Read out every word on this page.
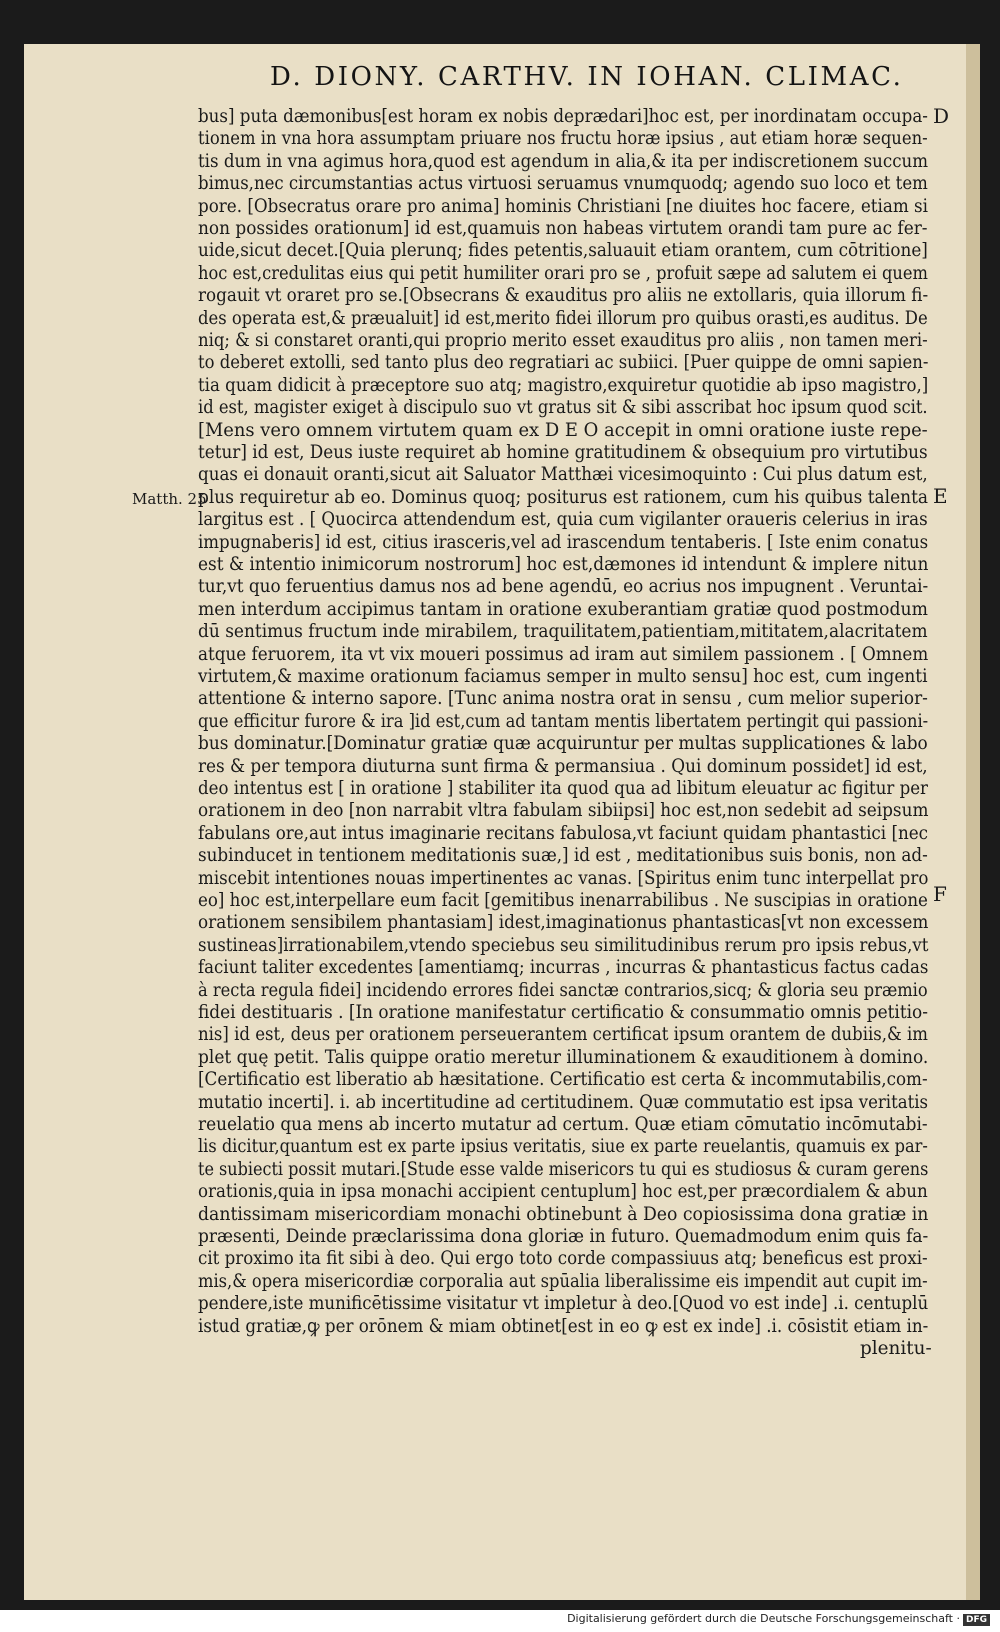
D. DIONY. CARTHV. IN IOHAN. CLIMAC.
bus] puta dæmonibus[est horam ex nobis deprædari]hoc est, per inordinatam occupa-
tionem in vna hora assumptam priuare nos fructu horæ ipsius , aut etiam horæ sequen-
tis dum in vna agimus hora,quod est agendum in alia,& ita per indiscretionem succum
bimus,nec circumstantias actus virtuosi seruamus vnumquodq; agendo suo loco et tem
pore. [Obsecratus orare pro anima] hominis Christiani [ne diuites hoc facere, etiam si
non possides orationum] id est,quamuis non habeas virtutem orandi tam pure ac fer-
uide,sicut decet.[Quia plerunq; fides petentis,saluauit etiam orantem, cum cōtritione]
hoc est,credulitas eius qui petit humiliter orari pro se , profuit sæpe ad salutem ei quem
rogauit vt oraret pro se.[Obsecrans & exauditus pro aliis ne extollaris, quia illorum fi-
des operata est,& præualuit] id est,merito fidei illorum pro quibus orasti,es auditus. De
niq; & si constaret oranti,qui proprio merito esset exauditus pro aliis , non tamen meri-
to deberet extolli, sed tanto plus deo regratiari ac subiici. [Puer quippe de omni sapien-
tia quam didicit à præceptore suo atq; magistro,exquiretur quotidie ab ipso magistro,]
id est, magister exiget à discipulo suo vt gratus sit & sibi asscribat hoc ipsum quod scit.
[Mens vero omnem virtutem quam ex D E O accepit in omni oratione iuste repe-
tetur] id est, Deus iuste requiret ab homine gratitudinem & obsequium pro virtutibus
quas ei donauit oranti,sicut ait Saluator Matthæi vicesimoquinto : Cui plus datum est,
plus requiretur ab eo. Dominus quoq; positurus est rationem, cum his quibus talenta
largitus est . [ Quocirca attendendum est, quia cum vigilanter oraueris celerius in iras
impugnaberis] id est, citius irasceris,vel ad irascendum tentaberis. [ Iste enim conatus
est & intentio inimicorum nostrorum] hoc est,dæmones id intendunt & implere nitun
tur,vt quo feruentius damus nos ad bene agendū, eo acrius nos impugnent . Veruntai-
men interdum accipimus tantam in oratione exuberantiam gratiæ quod postmodum
dū sentimus fructum inde mirabilem, traquilitatem,patientiam,mititatem,alacritatem
atque feruorem, ita vt vix moueri possimus ad iram aut similem passionem . [ Omnem
virtutem,& maxime orationum faciamus semper in multo sensu] hoc est, cum ingenti
attentione & interno sapore. [Tunc anima nostra orat in sensu , cum melior superior-
que efficitur furore & ira ]id est,cum ad tantam mentis libertatem pertingit qui passioni-
bus dominatur.[Dominatur gratiæ quæ acquiruntur per multas supplicationes & labo
res & per tempora diuturna sunt firma & permansiua . Qui dominum possidet] id est,
deo intentus est [ in oratione ] stabiliter ita quod qua ad libitum eleuatur ac figitur per
orationem in deo [non narrabit vltra fabulam sibiipsi] hoc est,non sedebit ad seipsum
fabulans ore,aut intus imaginarie recitans fabulosa,vt faciunt quidam phantastici [nec
subinducet in tentionem meditationis suæ,] id est , meditationibus suis bonis, non ad-
miscebit intentiones nouas impertinentes ac vanas. [Spiritus enim tunc interpellat pro
eo] hoc est,interpellare eum facit [gemitibus inenarrabilibus . Ne suscipias in oratione
orationem sensibilem phantasiam] idest,imaginationus phantasticas[vt non excessem
sustineas]irrationabilem,vtendo speciebus seu similitudinibus rerum pro ipsis rebus,vt
faciunt taliter excedentes [amentiamq; incurras , incurras & phantasticus factus cadas
à recta regula fidei] incidendo errores fidei sanctæ contrarios,sicq; & gloria seu præmio
fidei destituaris . [In oratione manifestatur certificatio & consummatio omnis petitio-
nis] id est, deus per orationem perseuerantem certificat ipsum orantem de dubiis,& im
plet quę petit. Talis quippe oratio meretur illuminationem & exauditionem à domino.
[Certificatio est liberatio ab hæsitatione. Certificatio est certa & incommutabilis,com-
mutatio incerti]. i. ab incertitudine ad certitudinem. Quæ commutatio est ipsa veritatis
reuelatio qua mens ab incerto mutatur ad certum. Quæ etiam cōmutatio incōmutabi-
lis dicitur,quantum est ex parte ipsius veritatis, siue ex parte reuelantis, quamuis ex par-
te subiecti possit mutari.[Stude esse valde misericors tu qui es studiosus & curam gerens
orationis,quia in ipsa monachi accipient centuplum] hoc est,per præcordialem & abun
dantissimam misericordiam monachi obtinebunt à Deo copiosissima dona gratiæ in
præsenti, Deinde præclarissima dona gloriæ in futuro. Quemadmodum enim quis fa-
cit proximo ita fit sibi à deo. Qui ergo toto corde compassiuus atq; beneficus est proxi-
mis,& opera misericordiæ corporalia aut spūalia liberalissime eis impendit aut cupit im-
pendere,iste munificētissime visitatur vt impletur à deo.[Quod vo est inde] .i. centuplū
istud gratiæ,ꝙ per orōnem & miam obtinet[est in eo ꝙ est ex inde] .i. cōsistit etiam in-
plenitu-
D
E
F
Matth. 25
Digitalisierung gefördert durch die Deutsche Forschungsgemeinschaft · DFG
